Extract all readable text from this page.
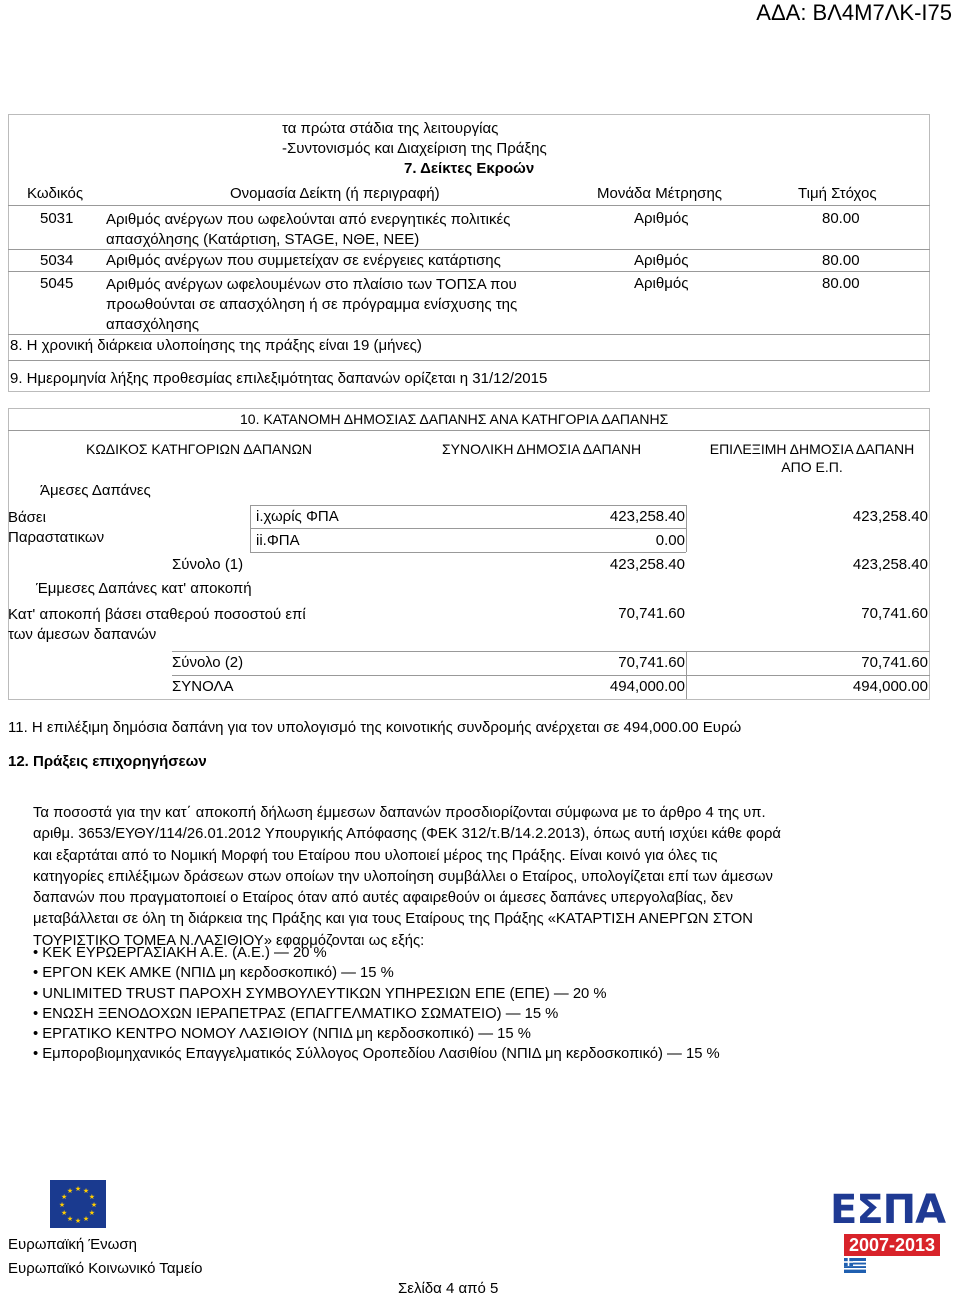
ΑΔΑ: ΒΛ4Μ7ΛΚ-Ι75
τα πρώτα στάδια της λειτουργίας
-Συντονισμός και Διαχείριση της Πράξης
7. Δείκτες Εκροών
Κωδικός	Ονομασία Δείκτη (ή περιγραφή)	Μονάδα Μέτρησης	Τιμή Στόχος
5031 Αριθμός ανέργων που ωφελούνται από ενεργητικές πολιτικές
απασχόλησης (Κατάρτιση, STAGE, ΝΘΕ, ΝΕΕ)
Αριθμός	80.00
5034 Αριθμός ανέργων που συμμετείχαν σε ενέργειες κατάρτισης	Αριθμός	80.00
5045 Αριθμός ανέργων ωφελουμένων στο πλαίσιο των ΤΟΠΣΑ που
προωθούνται σε απασχόληση ή σε πρόγραμμα ενίσχυσης της
απασχόλησης
Αριθμός	80.00
8. Η χρονική διάρκεια υλοποίησης της πράξης είναι 19 (μήνες)
9. Ημερομηνία λήξης προθεσμίας επιλεξιμότητας δαπανών ορίζεται η 31/12/2015
10. ΚΑΤΑΝΟΜΗ ΔΗΜΟΣΙΑΣ ΔΑΠΑΝΗΣ ΑΝΑ ΚΑΤΗΓΟΡΙΑ ΔΑΠΑΝΗΣ
ΚΩΔΙΚΟΣ ΚΑΤΗΓΟΡΙΩΝ ΔΑΠΑΝΩΝ	ΣΥΝΟΛΙΚΗ ΔΗΜΟΣΙΑ ΔΑΠΑΝΗ	ΕΠΙΛΕΞΙΜΗ ΔΗΜΟΣΙΑ ΔΑΠΑΝΗ
ΑΠΟ Ε.Π.
Άμεσες Δαπάνες
Βάσει
Παραστατικων
i.χωρίς ΦΠΑ	423,258.40	423,258.40
ii.ΦΠΑ	0.00
Σύνολο (1)	423,258.40	423,258.40
Έμμεσες Δαπάνες κατ' αποκοπή
Κατ' αποκοπή βάσει σταθερού ποσοστού επί
των άμεσων δαπανών
70,741.60	70,741.60
Σύνολο (2)	70,741.60	70,741.60
ΣΥΝΟΛΑ	494,000.00	494,000.00
11. Η επιλέξιμη δημόσια δαπάνη για τον υπολογισμό της κοινοτικής συνδρομής ανέρχεται σε 494,000.00 Ευρώ
12. Πράξεις επιχορηγήσεων
Τα ποσοστά για την κατ΄ αποκοπή δήλωση έμμεσων δαπανών προσδιορίζονται σύμφωνα με το άρθρο 4 της υπ.
αριθμ. 3653/ΕΥΘΥ/114/26.01.2012 Υπουργικής Απόφασης (ΦΕΚ 312/τ.Β/14.2.2013), όπως αυτή ισχύει κάθε φορά
και εξαρτάται από το Νομική Μορφή του Εταίρου που υλοποιεί μέρος της Πράξης. Είναι κοινό για όλες τις
κατηγορίες επιλέξιμων δράσεων στων οποίων την υλοποίηση συμβάλλει ο Εταίρος, υπολογίζεται επί των άμεσων
δαπανών που πραγματοποιεί ο Εταίρος όταν από αυτές αφαιρεθούν οι άμεσες δαπάνες υπεργολαβίας, δεν
μεταβάλλεται σε όλη τη διάρκεια της Πράξης και για τους Εταίρους της Πράξης «ΚΑΤΑΡΤΙΣΗ ΑΝΕΡΓΩΝ ΣΤΟΝ
ΤΟΥΡΙΣΤΙΚΟ ΤΟΜΕΑ Ν.ΛΑΣΙΘΙΟΥ» εφαρμόζονται ως εξής:
• ΚΕΚ ΕΥΡΩΕΡΓΑΣΙΑΚΗ Α.Ε. (Α.Ε.) — 20 %
• ΕΡΓΟΝ ΚΕΚ ΑΜΚΕ (ΝΠΙΔ μη κερδοσκοπικό) — 15 %
• UNLIMITED TRUST ΠΑΡΟΧΗ ΣΥΜΒΟΥΛΕΥΤΙΚΩΝ ΥΠΗΡΕΣΙΩΝ ΕΠΕ (ΕΠΕ) — 20 %
• ΕΝΩΣΗ ΞΕΝΟΔΟΧΩΝ ΙΕΡΑΠΕΤΡΑΣ (ΕΠΑΓΓΕΛΜΑΤΙΚΟ ΣΩΜΑΤΕΙΟ) — 15 %
• ΕΡΓΑΤΙΚΟ ΚΕΝΤΡΟ ΝΟΜΟΥ ΛΑΣΙΘΙΟΥ (ΝΠΙΔ μη κερδοσκοπικό) — 15 %
• Εμποροβιομηχανικός Επαγγελματικός Σύλλογος Οροπεδίου Λασιθίου (ΝΠΙΔ μη κερδοσκοπικό) — 15 %
★ ★
★
★
★
★
★
★
★
★
★
★
Ευρωπαϊκή Ένωση
Ευρωπαϊκό Κοινωνικό Ταμείο
Σελίδα 4 από 5
ΕΣΠΑ
2007-2013
